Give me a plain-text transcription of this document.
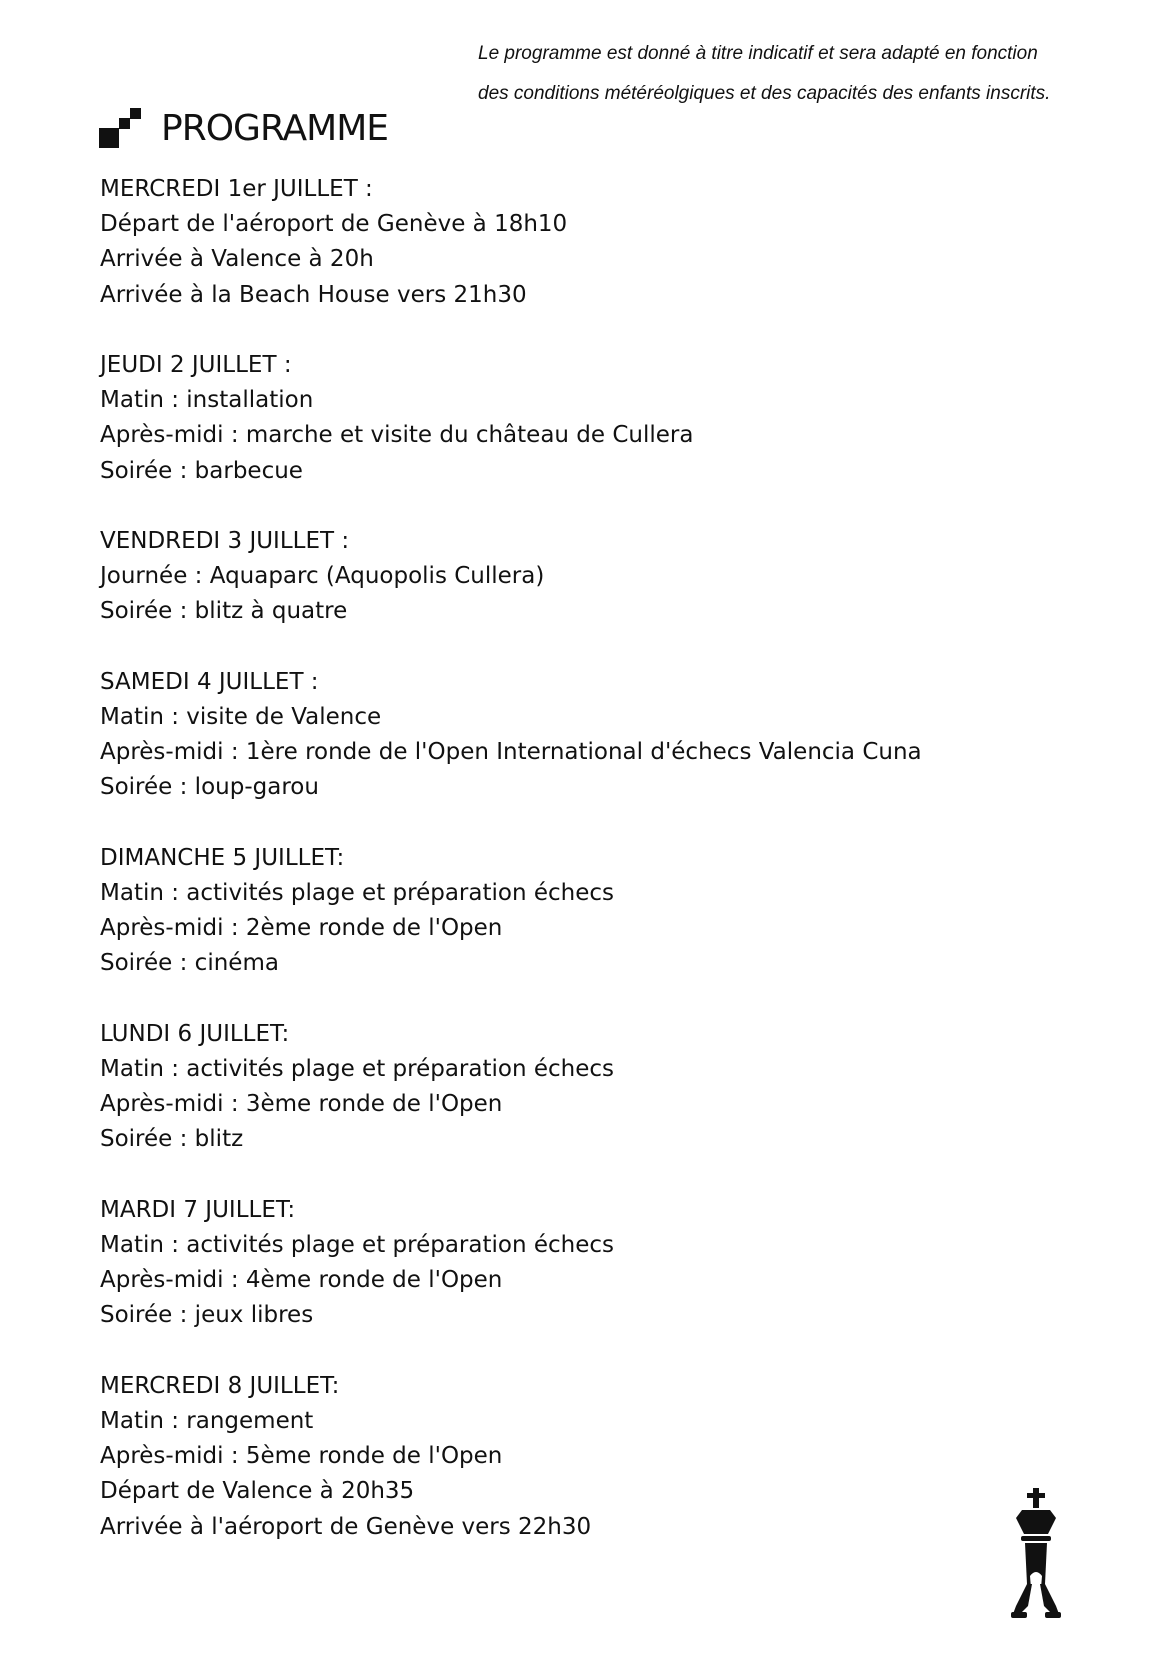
Le programme est donné à titre indicatif et sera adapté en fonction
des conditions météréolgiques et des capacités des enfants inscrits.
PROGRAMME
MERCREDI 1er JUILLET :
Départ de l'aéroport de Genève à 18h10
Arrivée à Valence à 20h
Arrivée à la Beach House vers 21h30
JEUDI 2 JUILLET :
Matin : installation
Après-midi : marche et visite du château de Cullera
Soirée : barbecue
VENDREDI 3 JUILLET :
Journée : Aquaparc (Aquopolis Cullera)
Soirée : blitz à quatre
SAMEDI 4 JUILLET :
Matin : visite de Valence
Après-midi : 1ère ronde de l'Open International d'échecs Valencia Cuna
Soirée : loup-garou
DIMANCHE 5 JUILLET:
Matin : activités plage et préparation échecs
Après-midi : 2ème ronde de l'Open
Soirée : cinéma
LUNDI 6 JUILLET:
Matin : activités plage et préparation échecs
Après-midi : 3ème ronde de l'Open
Soirée : blitz
MARDI 7 JUILLET:
Matin : activités plage et préparation échecs
Après-midi : 4ème ronde de l'Open
Soirée : jeux libres
MERCREDI 8 JUILLET:
Matin : rangement
Après-midi : 5ème ronde de l'Open
Départ de Valence à 20h35
Arrivée à l'aéroport de Genève vers 22h30
